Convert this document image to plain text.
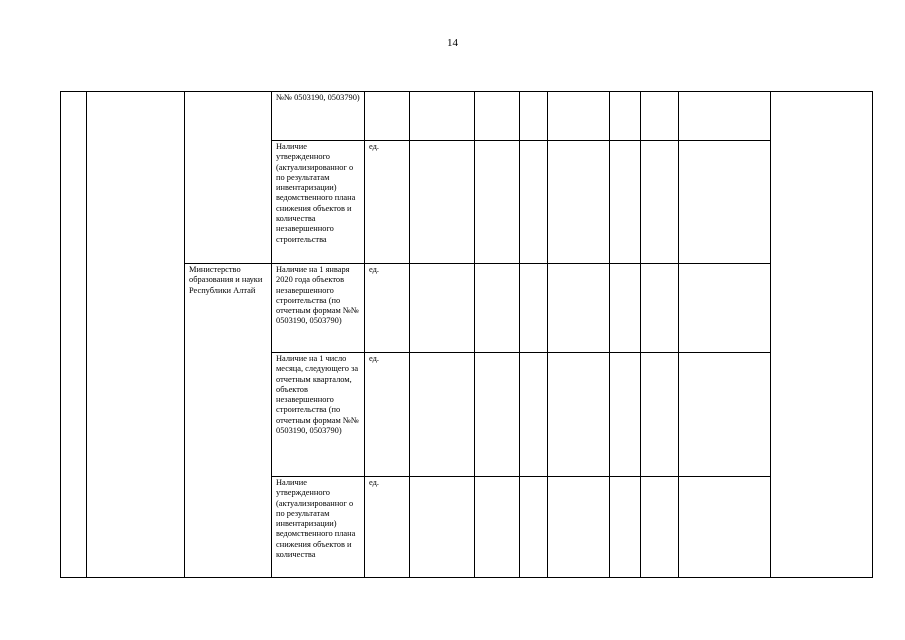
14
			№№ 0503190, 0503790)									
			Наличие утвержденного (актуализированног о по результатам инвентаризации) ведомственного плана снижения объектов и количества незавершенного строительства	ед.								
		Министерство образования и науки Республики Алтай	Наличие на 1 января 2020 года объектов незавершенного строительства (по отчетным формам №№ 0503190, 0503790)	ед.								
			Наличие на 1 число месяца, следующего за отчетным кварталом, объектов незавершенного строительства (по отчетным формам №№ 0503190, 0503790)	ед.								
			Наличие утвержденного (актуализированног о по результатам инвентаризации) ведомственного плана снижения объектов и количества	ед.								
